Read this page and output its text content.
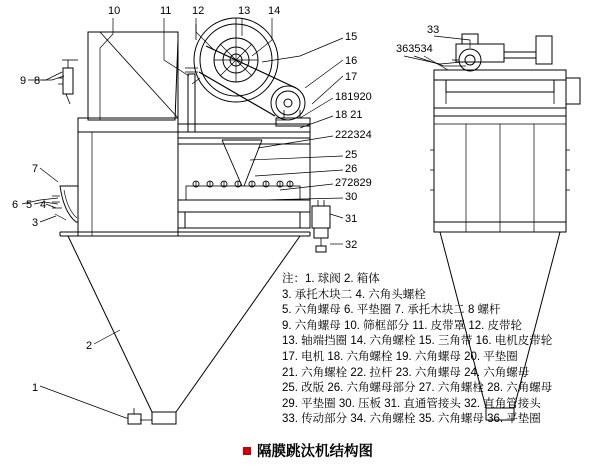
10	11 12	13 14
33
363534
9 8
15
16
17
181920
18 21
222324
25
26
272829
30
31
32
7
6 5 4
3
2
1
注：1. 球阀 2. 箱体
3. 承托木块二 4. 六角头螺栓
5. 六角螺母 6. 平垫圈 7. 承托木块二 8 螺杆
9. 六角螺母 10. 筛框部分 11. 皮带罩 12. 皮带轮
13. 轴端挡圈 14. 六角螺栓 15. 三角带 16. 电机皮带轮
17. 电机 18. 六角螺栓 19. 六角螺母 20. 平垫圈
21. 六角螺栓 22. 拉杆 23. 六角螺母 24. 六角螺母
25. 改版 26. 六角螺母部分 27. 六角螺栓 28. 六角螺母
29. 平垫圈 30. 压板 31. 直通管接头 32. 直角管接头
33. 传动部分 34. 六角螺栓 35. 六角螺母 36. 平垫圈
隔膜跳汰机结构图
